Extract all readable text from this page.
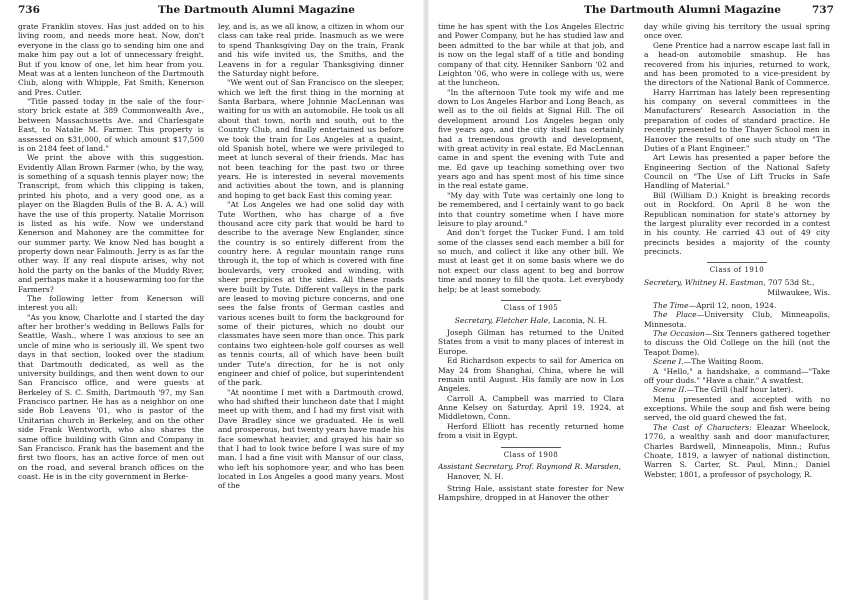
736	The Dartmouth Alumni Magazine

grate Franklin stoves. Has just added on to his living room, and needs more heat. Now, don't everyone in the class go to sending him one and make him pay out a lot of unnecessary freight. But if you know of one, let him hear from you. Meat was at a lenten luncheon of the Dartmouth Club, along with Whipple, Fat Smith, Kenerson and Pres. Cutler.

"Title passed today in the sale of the four-story brick estate at 389 Commonwealth Ave., between Massachusetts Ave. and Charlesgate East, to Natalie M. Farmer. This property is assessed on $31,000, of which amount $17,500 is on 2184 feet of land."

We print the above with this suggestion. Evidently Allan Brown Farmer (who, by the way, is something of a squash tennis player now; the Transcript, from which this clipping is taken, printed his photo, and a very good one, as a player on the Blagden Bulls of the B. A. A.) will have the use of this property. Natalie Morrison is listed as his wife. Now we understand Kenerson and Mahoney are the committee for our summer party. We know Ned has bought a property down near Falmouth. Jerry is as far the other way. If any real dispute arises, why not hold the party on the banks of the Muddy River, and perhaps make it a housewarming too for the Farmers?

The following letter from Kenerson will interest you all:

"As you know, Charlotte and I started the day after her brother's wedding in Bellows Falls for Seattle, Wash., where I was anxious to see an uncle of mine who is seriously ill. We spent two days in that section, looked over the stadium that Dartmouth dedicated, as well as the university buildings, and then went down to our San Francisco office, and were guests at Berkeley of S. C. Smith, Dartmouth '97, my San Francisco partner. He has as a neighbor on one side Bob Leavens '01, who is pastor of the Unitarian church in Berkeley, and on the other side Frank Wentworth, who also shares the same office building with Ginn and Company in San Francisco. Frank has the basement and the first two floors, has an active force of men out on the road, and several branch offices on the coast. He is in the city government in Berke-

ley, and is, as we all know, a citizen in whom our class can take real pride. Inasmuch as we were to spend Thanksgiving Day on the train, Frank and his wife invited us, the Smiths, and the Leavens in for a regular Thanksgiving dinner the Saturday night before.

"We went out of San Francisco on the sleeper, which we left the first thing in the morning at Santa Barbara, where Johnnie MacLennan was waiting for us with an automobile. He took us all about that town, north and south, out to the Country Club, and finally entertained us before we took the train for Los Angeles at a quaint, old Spanish hotel, where we were privileged to meet at lunch several of their friends. Mac has not been teaching for the past two or three years. He is interested in several movements and activities about the town, and is planning and hoping to get back East this coming year.

"At Los Angeles we had one solid day with Tute Worthen, who has charge of a five thousand acre city park that would be hard to describe to the average New Englander, since the country is so entirely different from the country here. A regular mountain range runs through it, the top of which is covered with fine boulevards, very crooked and winding, with sheer precipices at the sides. All these roads were built by Tute. Different valleys in the park are leased to moving picture concerns, and one sees the false fronts of German castles and various scenes built to form the background for some of their pictures, which no doubt our classmates have seen more than once. This park contains two eighteen-hole golf courses as well as tennis courts, all of which have been built under Tute's direction, for he is not only engineer and chief of police, but superintendent of the park.

"At noontime I met with a Dartmouth crowd, who had shifted their luncheon date that I might meet up with them, and I had my first visit with Dave Bradley since we graduated. He is well and prosperous, but twenty years have made his face somewhat heavier, and grayed his hair so that I had to look twice before I was sure of my man. I had a fine visit with Mansur of our class, who left his sophomore year, and who has been located in Los Angeles a good many years. Most of the

The Dartmouth Alumni Magazine	737

time he has spent with the Los Angeles Electric and Power Company, but he has studied law and been admitted to the bar while at that job, and is now on the legal staff of a title and bonding company of that city. Henniker Sanborn '02 and Leighton '06, who were in college with us, were at the luncheon.

"In the afternoon Tute took my wife and me down to Los Angeles Harbor and Long Beach, as well as to the oil fields at Signal Hill. The oil development around Los Angeles began only five years ago, and the city itself has certainly had a tremendous growth and development, with great activity in real estate. Ed MacLennan came in and spent the evening with Tute and me. Ed gave up teaching something over two years ago and has spent most of his time since in the real estate game.

"My day with Tute was certainly one long to be remembered, and I certainly want to go back into that country sometime when I have more leisure to play around."

And don't forget the Tucker Fund. I am told some of the classes send each member a bill for so much, and collect it like any other bill. We must at least get it on some basis where we do not expect our class agent to beg and borrow time and money to fill the quota. Let everybody help; be at least somebody.

Class of 1905
Secretary, Fletcher Hale, Laconia, N. H.

Joseph Gilman has returned to the United States from a visit to many places of interest in Europe.

Ed Richardson expects to sail for America on May 24 from Shanghai, China, where he will remain until August. His family are now in Los Angeles.

Carroll A. Campbell was married to Clara Anne Kelsey on Saturday, April 19, 1924, at Middletown, Conn.

Herford Elliott has recently returned home from a visit in Egypt.

Class of 1908
Assistant Secretary, Prof. Raymond R. Marsden, Hanover, N. H.

String Hale, assistant state forester for New Hampshire, dropped in at Hanover the other

day while giving his territory the usual spring once over.

Gene Prentice had a narrow escape last fall in a head-on automobile smashup. He has recovered from his injuries, returned to work, and has been promoted to a vice-president by the directors of the National Bank of Commerce.

Harry Harriman has lately been representing his company on several committees in the Manufacturers' Research Association in the preparation of codes of standard practice. He recently presented to the Thayer School men in Hanover the results of one such study on "The Duties of a Plant Engineer."

Art Lewis has presented a paper before the Engineering Section of the National Safety Council on "The Use of Lift Trucks in Safe Handling of Material."

Bill (William D.) Knight is breaking records out in Rockford. On April 8 he won the Republican nomination for state's attorney by the largest plurality ever recorded in a contest in his county. He carried 43 out of 49 city precincts besides a majority of the county precincts.

Class of 1910

Secretary, Whitney H. Eastman, 707 53d St.,

Milwaukee, Wis.

The Time—April 12, noon, 1924.

The Place—University Club, Minneapolis, Minnesota.

The Occasion—Six Tenners gathered together to discuss the Old College on the hill (not the Teapot Dome).

Scene I.—The Waiting Room.

A "Hello," a handshake, a command—"Take off your duds." "Have a chair." A swatfest.

Scene II.—The Grill (half hour later).

Menu presented and accepted with no exceptions. While the soup and fish were being served, the old guard chewed the fat.

The Cast of Characters: Eleazar Wheelock, 1776, a wealthy sash and door manufacturer, Charles Bardwell, Minneapolis, Minn.; Rufus Choate, 1819, a lawyer of national distinction, Warren S. Carter, St. Paul, Minn.; Daniel Webster, 1801, a professor of psychology, R.
